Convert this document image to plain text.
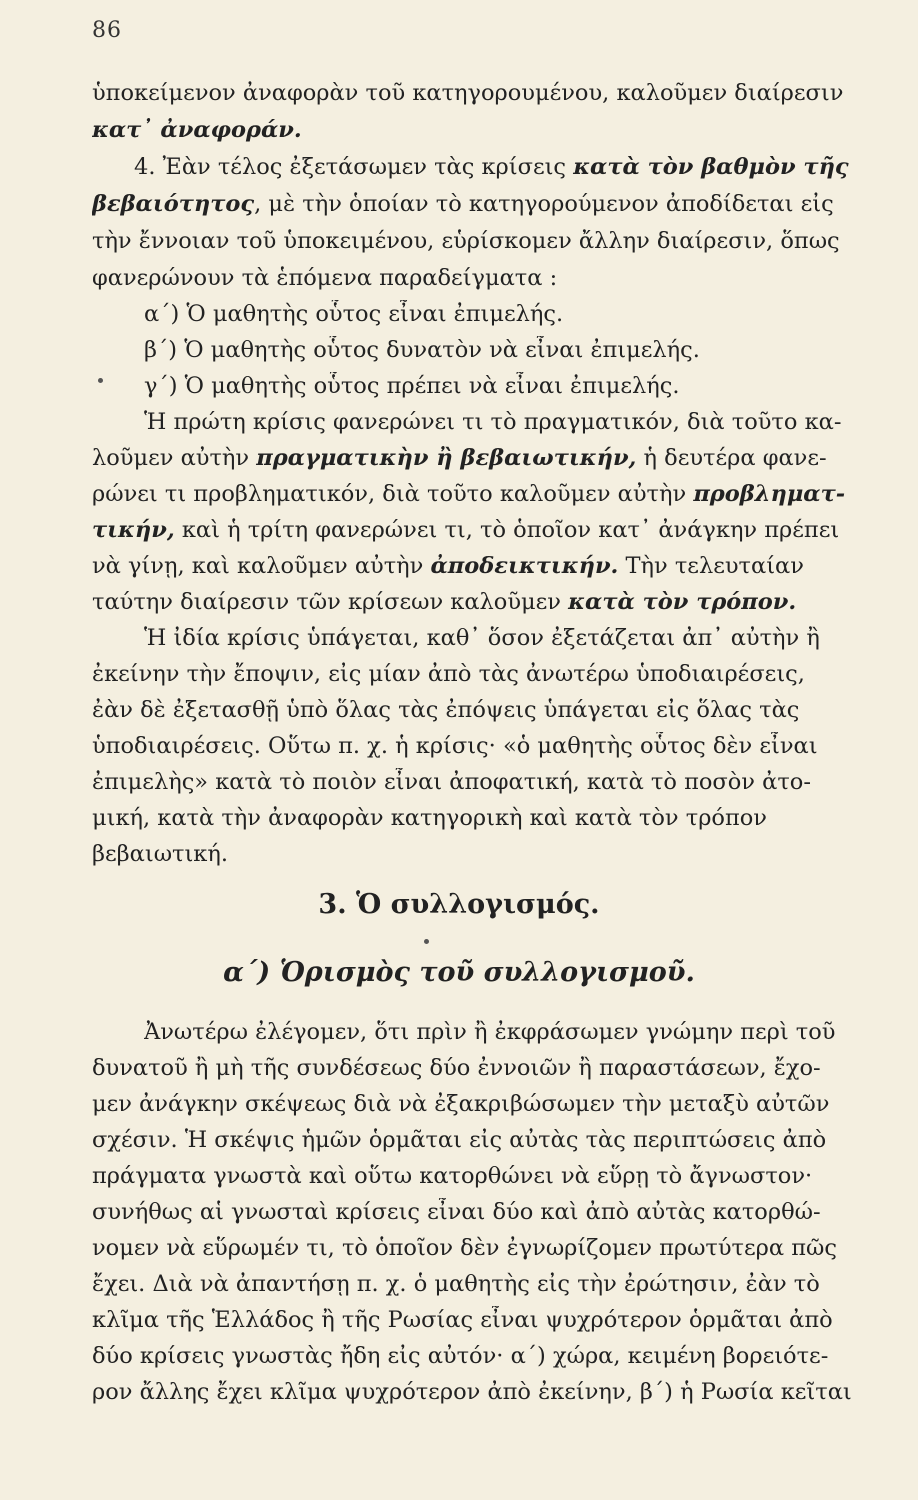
86
ὑποκείμενον ἀναφορὰν τοῦ κατηγορουμένου, καλοῦμεν διαίρεσιν
κατ᾽ ἀναφοράν.
4. Ἐὰν τέλος ἐξετάσωμεν τὰς κρίσεις κατὰ τὸν βαθμὸν τῆς
βεβαιότητος, μὲ τὴν ὁποίαν τὸ κατηγορούμενον ἀποδίδεται εἰς
τὴν ἔννοιαν τοῦ ὑποκειμένου, εὑρίσκομεν ἄλλην διαίρεσιν, ὅπως
φανερώνουν τὰ ἑπόμενα παραδείγματα :
α΄) Ὁ μαθητὴς οὗτος εἶναι ἐπιμελής.
β΄) Ὁ μαθητὴς οὗτος δυνατὸν νὰ εἶναι ἐπιμελής.
γ΄) Ὁ μαθητὴς οὗτος πρέπει νὰ εἶναι ἐπιμελής.
Ἡ πρώτη κρίσις φανερώνει τι τὸ πραγματικόν, διὰ τοῦτο κα-
λοῦμεν αὐτὴν πραγματικὴν ἢ βεβαιωτικήν, ἡ δευτέρα φανε-
ρώνει τι προβληματικόν, διὰ τοῦτο καλοῦμεν αὐτὴν προβληματ-
τικήν, καὶ ἡ τρίτη φανερώνει τι, τὸ ὁποῖον κατ᾽ ἀνάγκην πρέπει
νὰ γίνῃ, καὶ καλοῦμεν αὐτὴν ἀποδεικτικήν. Τὴν τελευταίαν
ταύτην διαίρεσιν τῶν κρίσεων καλοῦμεν κατὰ τὸν τρόπον.
Ἡ ἰδία κρίσις ὑπάγεται, καθ᾽ ὅσον ἐξετάζεται ἀπ᾽ αὐτὴν ἢ
ἐκείνην τὴν ἔποψιν, εἰς μίαν ἀπὸ τὰς ἀνωτέρω ὑποδιαιρέσεις,
ἐὰν δὲ ἐξετασθῇ ὑπὸ ὅλας τὰς ἐπόψεις ὑπάγεται εἰς ὅλας τὰς
ὑποδιαιρέσεις. Οὕτω π. χ. ἡ κρίσις· «ὁ μαθητὴς οὗτος δὲν εἶναι
ἐπιμελὴς» κατὰ τὸ ποιὸν εἶναι ἀποφατική, κατὰ τὸ ποσὸν ἀτο-
μική, κατὰ τὴν ἀναφορὰν κατηγορικὴ καὶ κατὰ τὸν τρόπον
βεβαιωτική.
3. Ὁ συλλογισμός.
α΄) Ὁρισμὸς τοῦ συλλογισμοῦ.
Ἀνωτέρω ἐλέγομεν, ὅτι πρὶν ἢ ἐκφράσωμεν γνώμην περὶ τοῦ
δυνατοῦ ἢ μὴ τῆς συνδέσεως δύο ἐννοιῶν ἢ παραστάσεων, ἔχο-
μεν ἀνάγκην σκέψεως διὰ νὰ ἐξακριβώσωμεν τὴν μεταξὺ αὐτῶν
σχέσιν. Ἡ σκέψις ἡμῶν ὁρμᾶται εἰς αὐτὰς τὰς περιπτώσεις ἀπὸ
πράγματα γνωστὰ καὶ οὕτω κατορθώνει νὰ εὕρῃ τὸ ἄγνωστον·
συνήθως αἱ γνωσταὶ κρίσεις εἶναι δύο καὶ ἀπὸ αὐτὰς κατορθώ-
νομεν νὰ εὕρωμέν τι, τὸ ὁποῖον δὲν ἐγνωρίζομεν πρωτύτερα πῶς
ἔχει. Διὰ νὰ ἀπαντήσῃ π. χ. ὁ μαθητὴς εἰς τὴν ἐρώτησιν, ἐὰν τὸ
κλῖμα τῆς Ἑλλάδος ἢ τῆς Ρωσίας εἶναι ψυχρότερον ὁρμᾶται ἀπὸ
δύο κρίσεις γνωστὰς ἤδη εἰς αὐτόν· α΄) χώρα, κειμένη βορειότε-
ρον ἄλλης ἔχει κλῖμα ψυχρότερον ἀπὸ ἐκείνην, β΄) ἡ Ρωσία κεῖται
